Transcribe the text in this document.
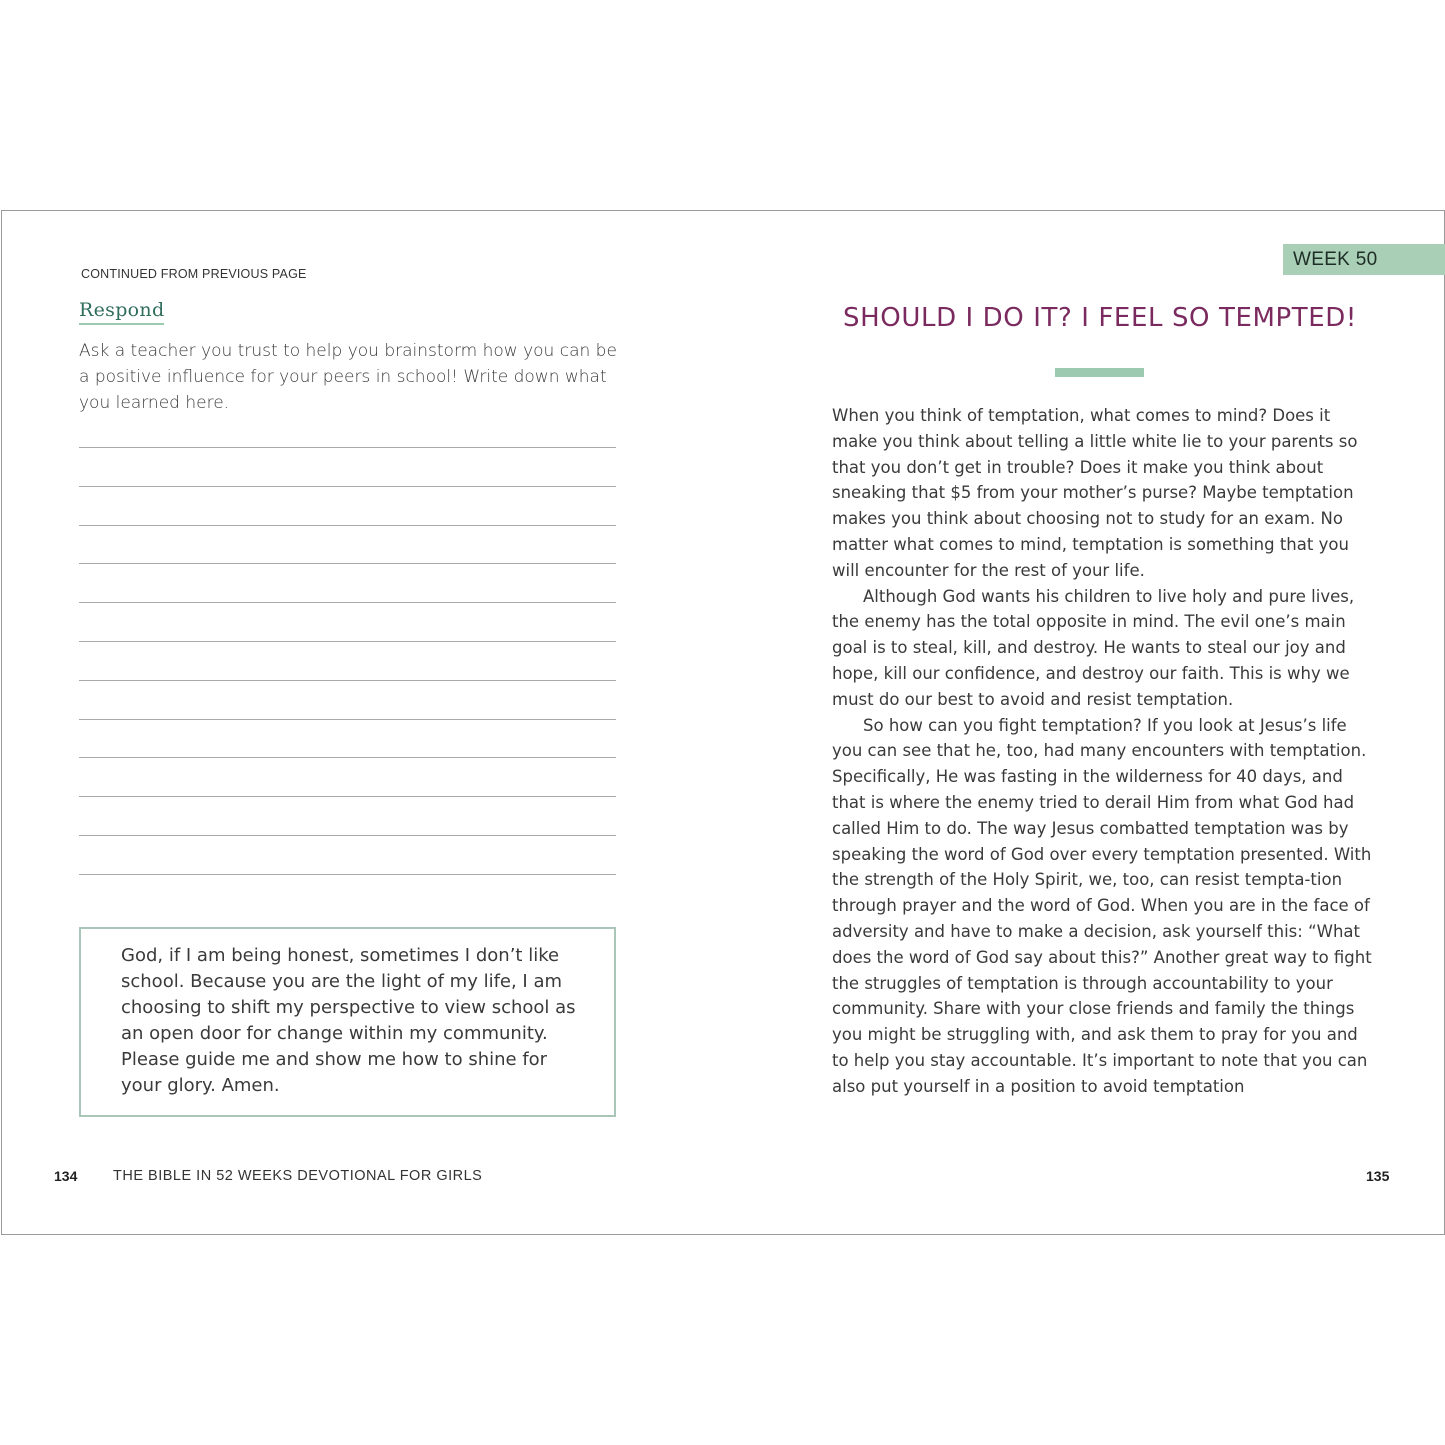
CONTINUED FROM PREVIOUS PAGE

Respond

Ask a teacher you trust to help you brainstorm how you can be a positive influence for your peers in school! Write down what you learned here.

God, if I am being honest, sometimes I don’t like school. Because you are the light of my life, I am choosing to shift my perspective to view school as an open door for change within my community. Please guide me and show me how to shine for your glory. Amen.

134 THE BIBLE IN 52 WEEKS DEVOTIONAL FOR GIRLS

WEEK 50
SHOULD I DO IT? I FEEL SO TEMPTED!

When you think of temptation, what comes to mind? Does it make you think about telling a little white lie to your parents so that you don’t get in trouble? Does it make you think about sneaking that $5 from your mother’s purse? Maybe temptation makes you think about choosing not to study for an exam. No matter what comes to mind, temptation is something that you will encounter for the rest of your life.

Although God wants his children to live holy and pure lives, the enemy has the total opposite in mind. The evil one’s main goal is to steal, kill, and destroy. He wants to steal our joy and hope, kill our confidence, and destroy our faith. This is why we must do our best to avoid and resist temptation.

So how can you fight temptation? If you look at Jesus’s life you can see that he, too, had many encounters with temptation. Specifically, He was fasting in the wilderness for 40 days, and that is where the enemy tried to derail Him from what God had called Him to do. The way Jesus combatted temptation was by speaking the word of God over every temptation presented. With the strength of the Holy Spirit, we, too, can resist tempta-tion through prayer and the word of God. When you are in the face of adversity and have to make a decision, ask yourself this: “What does the word of God say about this?” Another great way to fight the struggles of temptation is through accountability to your community. Share with your close friends and family the things you might be struggling with, and ask them to pray for you and to help you stay accountable. It’s important to note that you can also put yourself in a position to avoid temptation

135
